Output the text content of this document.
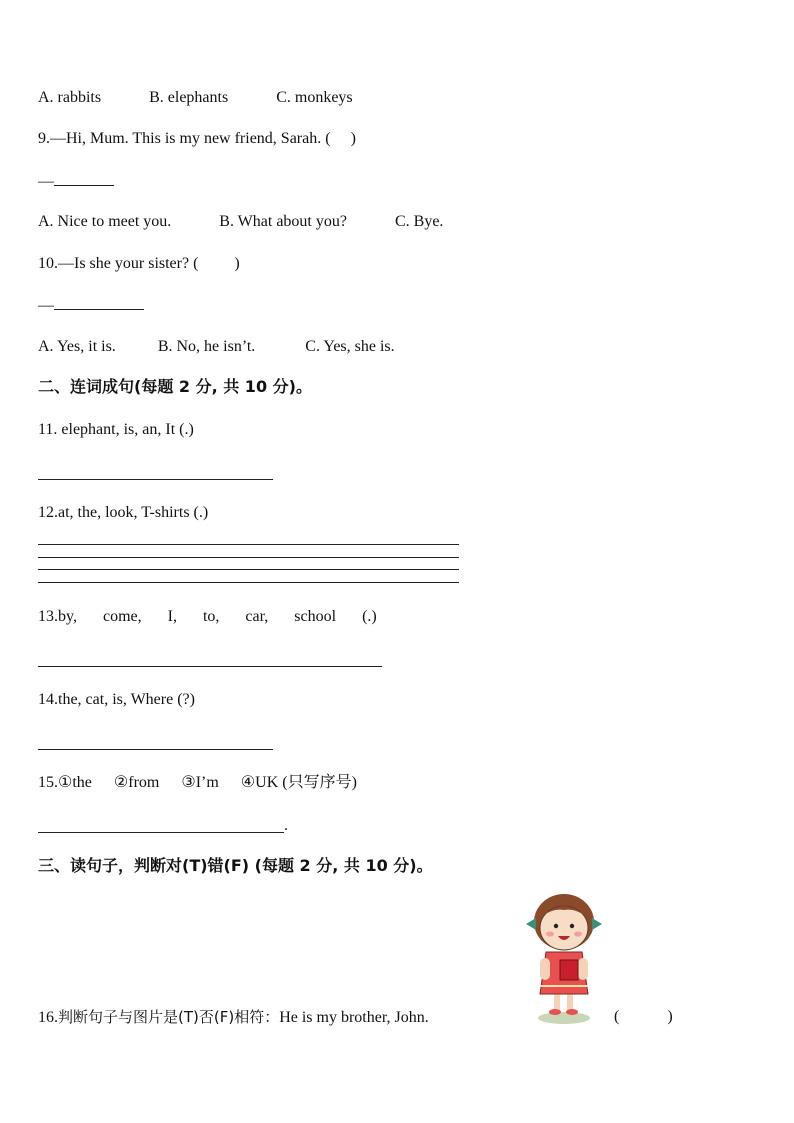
A. rabbits	B. elephants	C. monkeys
9.—Hi, Mum. This is my new friend, Sarah. (　 )
—
A. Nice to meet you.	B. What about you?	C. Bye.
10.—Is she your sister? (　　 )
—
A. Yes, it is.	B. No, he isn’t.	C. Yes, she is.
二、连词成句(每题 2 分, 共 10 分)。
11. elephant, is, an, It (.)
12.at, the, look, T-shirts (.)
13.by, come, I, to, car, school (.)
14.the, cat, is, Where (?)
15.①the ②from ③I’m ④UK (只写序号)
.
三、读句子，判断对(T)错(F) (每题 2 分, 共 10 分)。
16.判断句子与图片是(T)否(F)相符：He is my brother, John.	(　　　)
